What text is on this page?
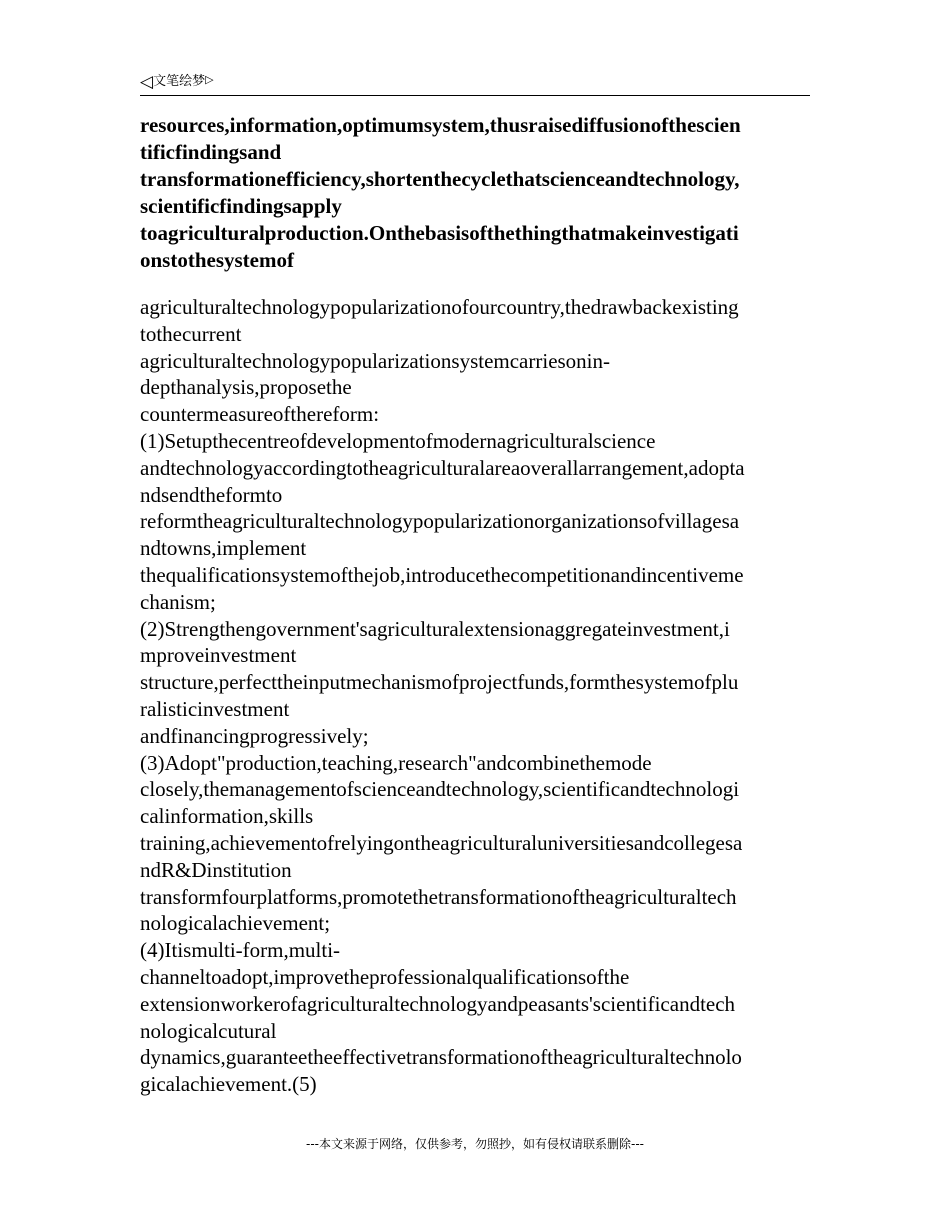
◁文笔绘梦▷

resources,information,optimumsystem,thusraisediffusionofthescien
tificfindingsand
transformationefficiency,shortenthecyclethatscienceandtechnology,
scientificfindingsapply
toagriculturalproduction.Onthebasisofthethingthatmakeinvestigati
onstothesystemof

agriculturaltechnologypopularizationofourcountry,thedrawbackexisting
tothecurrent
agriculturaltechnologypopularizationsystemcarriesonin-
depthanalysis,proposethe
countermeasureofthereform:
(1)Setupthecentreofdevelopmentofmodernagriculturalscience
andtechnologyaccordingtotheagriculturalareaoverallarrangement,adopta
ndsendtheformto
reformtheagriculturaltechnologypopularizationorganizationsofvillagesa
ndtowns,implement
thequalificationsystemofthejob,introducethecompetitionandincentiveme
chanism;
(2)Strengthengovernment'sagriculturalextensionaggregateinvestment,i
mproveinvestment
structure,perfecttheinputmechanismofprojectfunds,formthesystemofplu
ralisticinvestment
andfinancingprogressively;
(3)Adopt"production,teaching,research"andcombinethemode
closely,themanagementofscienceandtechnology,scientificandtechnologi
calinformation,skills
training,achievementofrelyingontheagriculturaluniversitiesandcollegesa
ndR&Dinstitution
transformfourplatforms,promotethetransformationoftheagriculturaltech
nologicalachievement;
(4)Itismulti-form,multi-
channeltoadopt,improvetheprofessionalqualificationsofthe
extensionworkerofagriculturaltechnologyandpeasants'scientificandtech
nologicalcutural
dynamics,guaranteetheeffectivetransformationoftheagriculturaltechnolo
gicalachievement.(5)

---本文来源于网络，仅供参考，勿照抄，如有侵权请联系删除---
